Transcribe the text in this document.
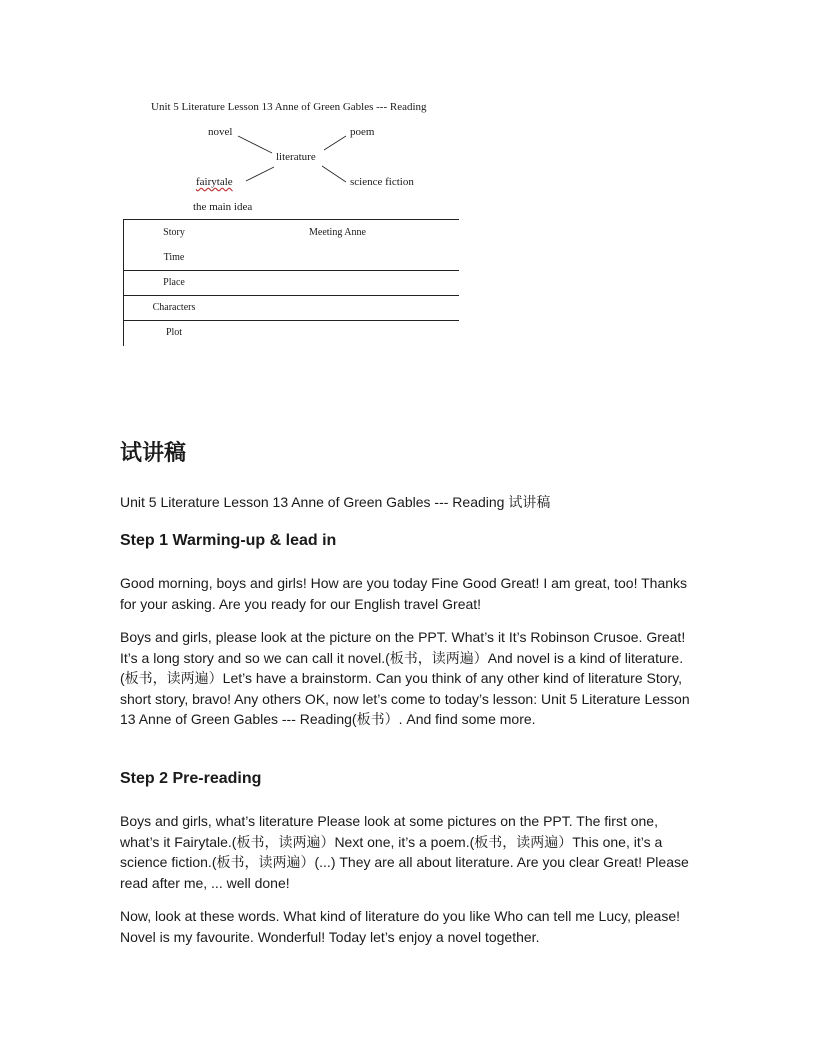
Unit 5 Literature Lesson 13 Anne of Green Gables --- Reading
novel	poem
literature
fairytale	science fiction
the main idea
Story	Meeting Anne
Time
Place
Characters
Plot
试讲稿
Unit 5 Literature Lesson 13 Anne of Green Gables --- Reading 试讲稿
Step 1 Warming-up & lead in
Good morning, boys and girls! How are you today Fine Good Great! I am great, too! Thanks for your asking. Are you ready for our English travel Great!
Boys and girls, please look at the picture on the PPT. What’s it It’s Robinson Crusoe. Great! It’s a long story and so we can call it novel.(板书，读两遍）And novel is a kind of literature.(板书，读两遍）Let’s have a brainstorm. Can you think of any other kind of literature Story, short story, bravo! Any others OK, now let’s come to today’s lesson: Unit 5 Literature Lesson 13 Anne of Green Gables --- Reading(板书）. And find some more.
Step 2 Pre-reading
Boys and girls, what’s literature Please look at some pictures on the PPT. The first one, what’s it Fairytale.(板书，读两遍）Next one, it’s a poem.(板书，读两遍）This one, it’s a science fiction.(板书，读两遍）(...) They are all about literature. Are you clear Great! Please read after me, ... well done!
Now, look at these words. What kind of literature do you like Who can tell me Lucy, please! Novel is my favourite. Wonderful! Today let’s enjoy a novel together.
